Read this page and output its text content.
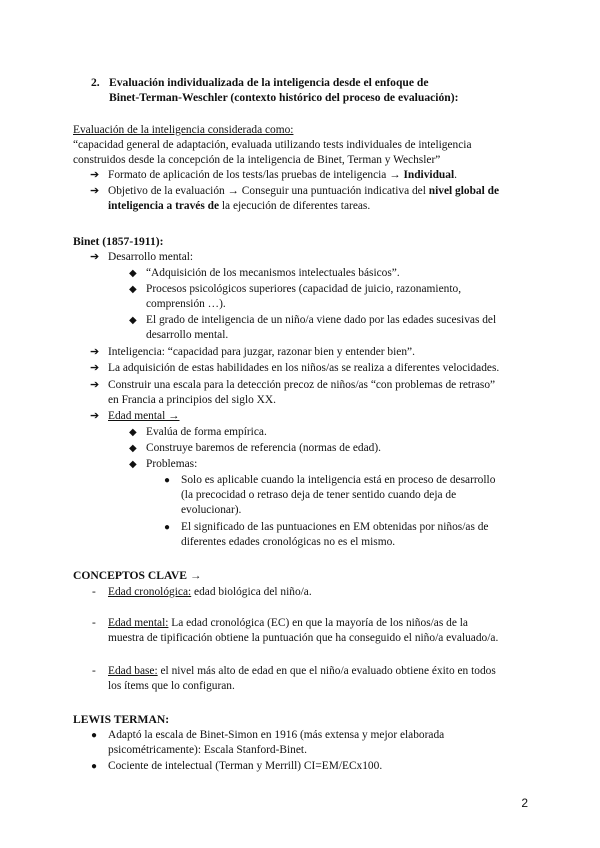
2. Evaluación individualizada de la inteligencia desde el enfoque de
Binet-Terman-Weschler (contexto histórico del proceso de evaluación):
Evaluación de la inteligencia considerada como:
“capacidad general de adaptación, evaluada utilizando tests individuales de inteligencia
construidos desde la concepción de la inteligencia de Binet, Terman y Wechsler”
➔ Formato de aplicación de los tests/las pruebas de inteligencia → Individual.
➔ Objetivo de la evaluación → Conseguir una puntuación indicativa del nivel global de
inteligencia a través de la ejecución de diferentes tareas.
Binet (1857-1911):
➔ Desarrollo mental:
◆ “Adquisición de los mecanismos intelectuales básicos”.
◆ Procesos psicológicos superiores (capacidad de juicio, razonamiento,
comprensión …).
◆ El grado de inteligencia de un niño/a viene dado por las edades sucesivas del
desarrollo mental.
➔ Inteligencia: “capacidad para juzgar, razonar bien y entender bien”.
➔ La adquisición de estas habilidades en los niños/as se realiza a diferentes velocidades.
➔ Construir una escala para la detección precoz de niños/as “con problemas de retraso”
en Francia a principios del siglo XX.
➔ Edad mental →
◆ Evalúa de forma empírica.
◆ Construye baremos de referencia (normas de edad).
◆ Problemas:
● Solo es aplicable cuando la inteligencia está en proceso de desarrollo
(la precocidad o retraso deja de tener sentido cuando deja de
evolucionar).
● El significado de las puntuaciones en EM obtenidas por niños/as de
diferentes edades cronológicas no es el mismo.
CONCEPTOS CLAVE →
- Edad cronológica: edad biológica del niño/a.
- Edad mental: La edad cronológica (EC) en que la mayoría de los niños/as de la
muestra de tipificación obtiene la puntuación que ha conseguido el niño/a evaluado/a.
- Edad base: el nivel más alto de edad en que el niño/a evaluado obtiene éxito en todos
los ítems que lo configuran.
LEWIS TERMAN:
● Adaptó la escala de Binet-Simon en 1916 (más extensa y mejor elaborada
psicométricamente): Escala Stanford-Binet.
● Cociente de intelectual (Terman y Merrill) CI=EM/ECx100.
2
